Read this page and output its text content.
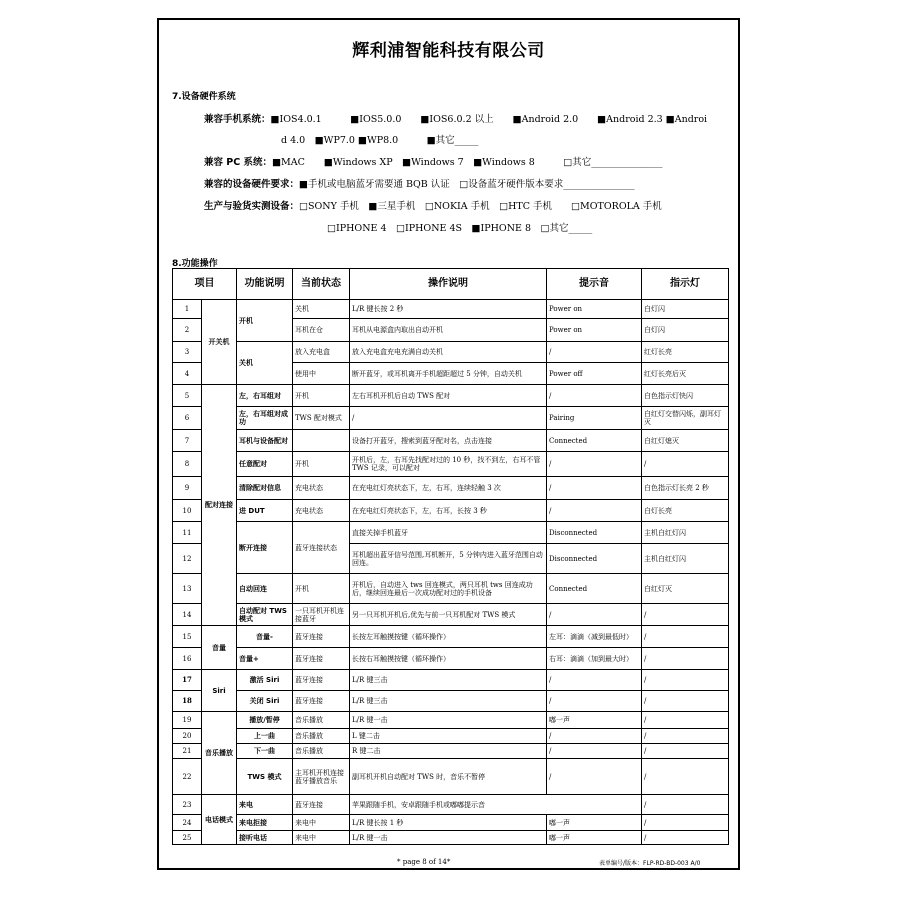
辉利浦智能科技有限公司
7.设备硬件系统
兼容手机系统：■IOS4.0.1　　　■IOS5.0.0　　■IOS6.0.2 以上　　■Android 2.0　　■Android 2.3 ■Androi
d 4.0　■WP7.0 ■WP8.0　　　■其它_____
兼容 PC 系统：■MAC　　■Windows XP　■Windows 7　■Windows 8　　　□其它_______________
兼容的设备硬件要求：■手机或电脑蓝牙需要通 BQB 认证　□设备蓝牙硬件版本要求_______________
生产与验货实测设备：□SONY 手机　■三星手机　□NOKIA 手机　□HTC 手机　　□MOTOROLA 手机
□IPHONE 4　□IPHONE 4S　■IPHONE 8　□其它_____
8.功能操作
项目		功能说明	当前状态	操作说明	提示音	指示灯
1	开关机	开机	关机	L/R 键长按 2 秒	Power on	白灯闪
2			耳机在仓	耳机从电源盒内取出自动开机	Power on	白灯闪
3		关机	放入充电盒	放入充电盒充电充满自动关机	/	红灯长亮
4			使用中	断开蓝牙，或耳机离开手机超距超过 5 分钟，自动关机	Power off	红灯长亮后灭
5	配对连接	左，右耳组对	开机	左右耳机开机后自动 TWS 配对	/	白色指示灯快闪
6		左，右耳组对成功	TWS 配对模式	/	Pairing	白红灯交替闪烁，副耳灯灭
7		耳机与设备配对		设备打开蓝牙，搜索到蓝牙配对名，点击连接	Connected	白红灯熄灭
8		任意配对	开机	开机后，左，右耳先找配对过的 10 秒，找不到左，右耳不管 TWS 记录，可以配对	/	/
9		清除配对信息	充电状态	在充电红灯亮状态下，左，右耳，连续轻触 3 次	/	白色指示灯长亮 2 秒
10		进 DUT	充电状态	在充电红灯亮状态下，左，右耳，长按 3 秒	/	白灯长亮
11		断开连接	蓝牙连接状态	直接关掉手机蓝牙	Disconnected	主机白红灯闪
12				耳机超出蓝牙信号范围,耳机断开，5 分钟内进入蓝牙范围自动回连。	Disconnected	主机白红灯闪
13		自动回连	开机	开机后，自动进入 tws 回连模式，两只耳机 tws 回连成功后，继续回连最后一次成功配对过的手机设备	Connected	白红灯灭
14		自动配对 TWS 模式	一只耳机开机连接蓝牙	另一只耳机开机后,优先与前一只耳机配对 TWS 模式	/	/
15	音量	音量-	蓝牙连接	长按左耳触摸按键（循环操作）	左耳：滴滴（减到最低时）	/
16		音量+	蓝牙连接	长按右耳触摸按键（循环操作）	右耳：滴滴（加到最大时）	/
17	Siri	激活 Siri	蓝牙连接	L/R 键三击	/	/
18		关闭 Siri	蓝牙连接	L/R 键三击	/	/
19	音乐播放	播放/暂停	音乐播放	L/R 键一击	嘟一声	/
20		上一曲	音乐播放	L 键二击	/	/
21		下一曲	音乐播放	R 键二击	/	/
22		TWS 模式	主耳机开机连接蓝牙播放音乐	副耳机开机自动配对 TWS 时，音乐不暂停	/	/
23	电话模式	来电	蓝牙连接	苹果跟随手机，安卓跟随手机或嘟嘟提示音		/
24		来电拒接	来电中	L/R 键长按 1 秒	嘟一声	/
25		接听电话	来电中	L/R 键一击	嘟一声	/
* page 8 of 14*	表单编号/版本：FLP-RD-BD-003 A/0
